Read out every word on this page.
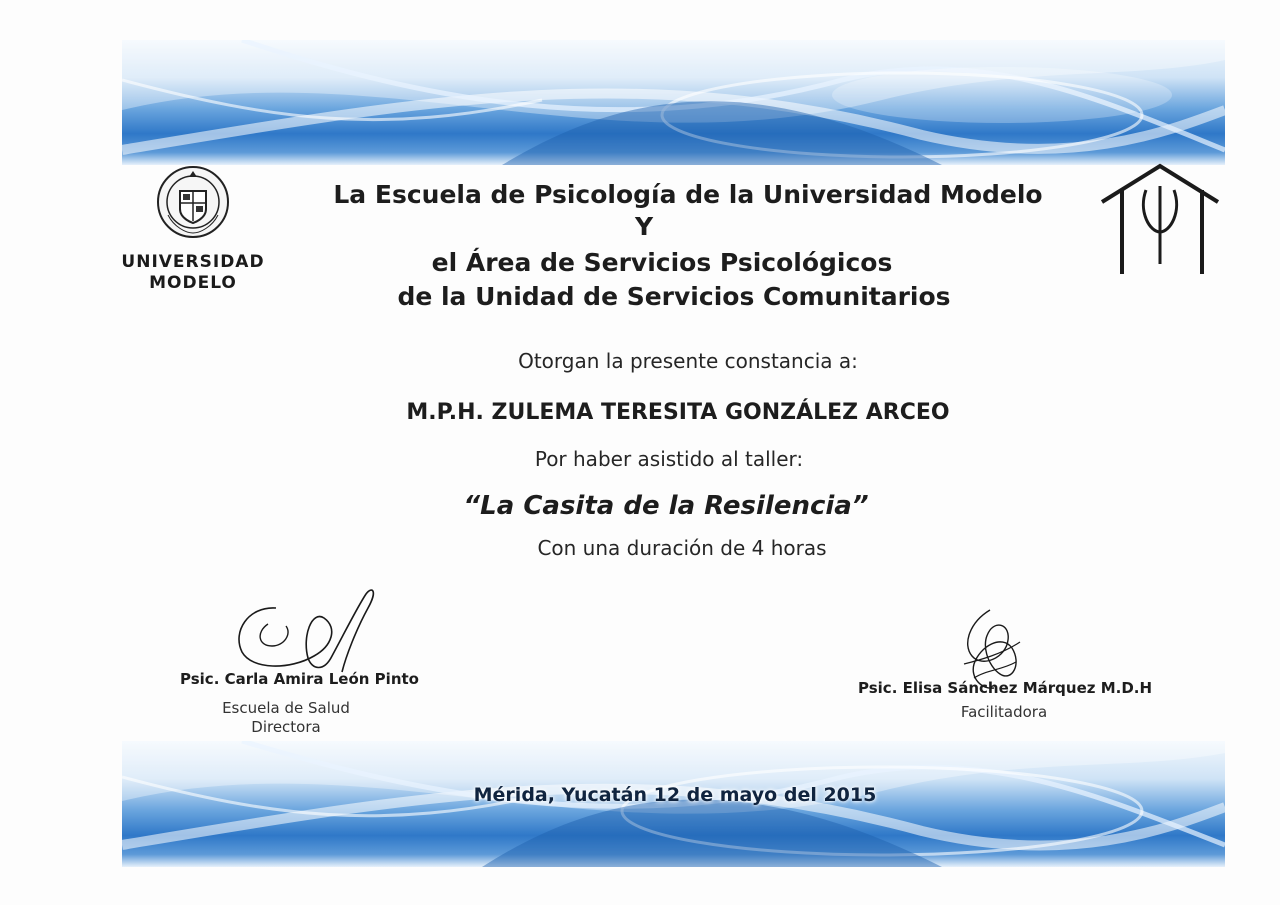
UNIVERSIDAD
MODELO
La Escuela de Psicología de la Universidad Modelo
Y
el Área de Servicios Psicológicos
de la Unidad de Servicios Comunitarios
Otorgan la presente constancia a:
M.P.H. ZULEMA TERESITA GONZÁLEZ ARCEO
Por haber asistido al taller:
“La Casita de la Resilencia”
Con una duración de 4 horas
Psic. Carla Amira León Pinto
Escuela de Salud
Directora
Psic. Elisa Sánchez Márquez M.D.H
Facilitadora
Mérida, Yucatán 12 de mayo del 2015
